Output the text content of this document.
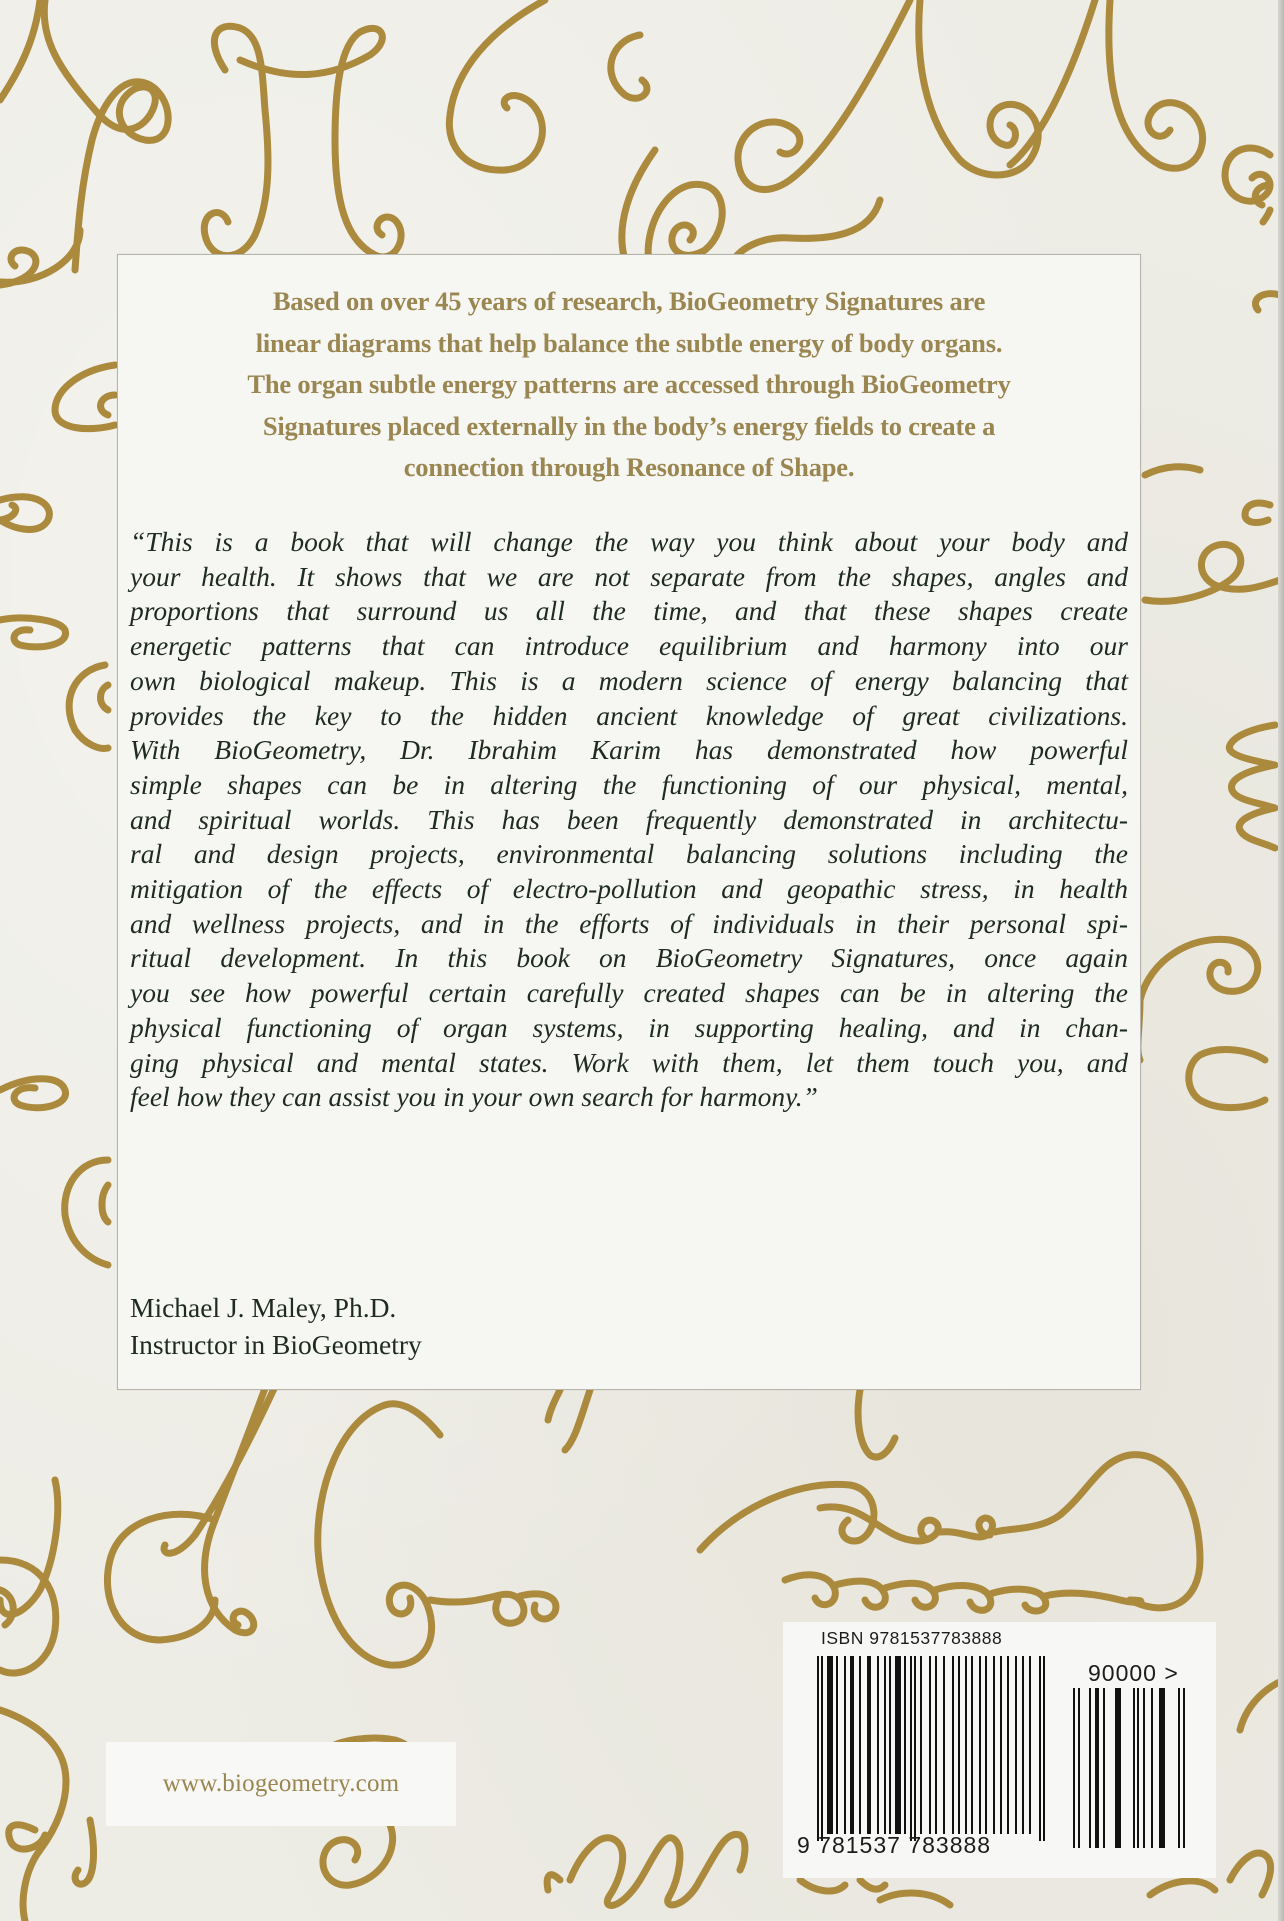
Based on over 45 years of research, BioGeometry Signatures are
linear diagrams that help balance the subtle energy of body organs.
The organ subtle energy patterns are accessed through BioGeometry
Signatures placed externally in the body’s energy fields to create a
connection through Resonance of Shape.
“This is a book that will change the way you think about your body and
your health. It shows that we are not separate from the shapes, angles and
proportions that surround us all the time, and that these shapes create
energetic patterns that can introduce equilibrium and harmony into our
own biological makeup. This is a modern science of energy balancing that
provides the key to the hidden ancient knowledge of great civilizations.
With BioGeometry, Dr. Ibrahim Karim has demonstrated how powerful
simple shapes can be in altering the functioning of our physical, mental,
and spiritual worlds. This has been frequently demonstrated in architectu-
ral and design projects, environmental balancing solutions including the
mitigation of the effects of electro-pollution and geopathic stress, in health
and wellness projects, and in the efforts of individuals in their personal spi-
ritual development. In this book on BioGeometry Signatures, once again
you see how powerful certain carefully created shapes can be in altering the
physical functioning of organ systems, in supporting healing, and in chan-
ging physical and mental states. Work with them, let them touch you, and
feel how they can assist you in your own search for harmony.”
Michael J. Maley, Ph.D.
Instructor in BioGeometry
www.biogeometry.com
ISBN 9781537783888
9 781537 783888
90000 >
